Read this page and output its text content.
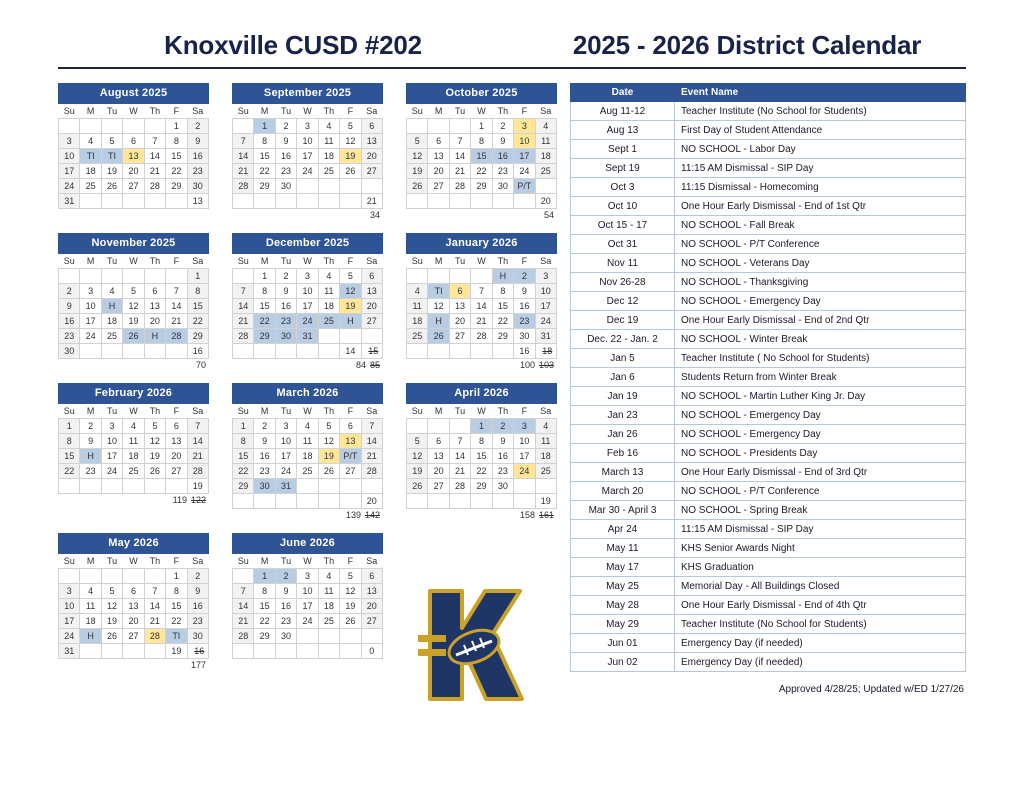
Knoxville CUSD #202	2025 - 2026 District Calendar
August 2025
Su	M	Tu	W	Th	F	Sa
					1	2
3	4	5	6	7	8	9
10	TI	TI	13	14	15	16
17	18	19	20	21	22	23
24	25	26	27	28	29	30
31						13
September 2025
Su	M	Tu	W	Th	F	Sa
	1	2	3	4	5	6
7	8	9	10	11	12	13
14	15	16	17	18	19	20
21	22	23	24	25	26	27
28	29	30				
						21
34
October 2025
Su	M	Tu	W	Th	F	Sa
			1	2	3	4
5	6	7	8	9	10	11
12	13	14	15	16	17	18
19	20	21	22	23	24	25
26	27	28	29	30	P/T	
						20
54
November 2025
Su	M	Tu	W	Th	F	Sa
						1
2	3	4	5	6	7	8
9	10	H	12	13	14	15
16	17	18	19	20	21	22
23	24	25	26	H	28	29
30						16
70
December 2025
Su	M	Tu	W	Th	F	Sa
	1	2	3	4	5	6
7	8	9	10	11	12	13
14	15	16	17	18	19	20
21	22	23	24	25	H	27
28	29	30	31			
					14	15
84 85
January 2026
Su	M	Tu	W	Th	F	Sa
				H	2	3
4	TI	6	7	8	9	10
11	12	13	14	15	16	17
18	H	20	21	22	23	24
25	26	27	28	29	30	31
					16	18
100 103
February 2026
Su	M	Tu	W	Th	F	Sa
1	2	3	4	5	6	7
8	9	10	11	12	13	14
15	H	17	18	19	20	21
22	23	24	25	26	27	28
						19
119 122
March 2026
Su	M	Tu	W	Th	F	Sa
1	2	3	4	5	6	7
8	9	10	11	12	13	14
15	16	17	18	19	P/T	21
22	23	24	25	26	27	28
29	30	31				
						20
139 142
April 2026
Su	M	Tu	W	Th	F	Sa
			1	2	3	4
5	6	7	8	9	10	11
12	13	14	15	16	17	18
19	20	21	22	23	24	25
26	27	28	29	30		
						19
158 161
May 2026
Su	M	Tu	W	Th	F	Sa
					1	2
3	4	5	6	7	8	9
10	11	12	13	14	15	16
17	18	19	20	21	22	23
24	H	26	27	28	TI	30
31					19	16
177
June 2026
Su	M	Tu	W	Th	F	Sa
	1	2	3	4	5	6
7	8	9	10	11	12	13
14	15	16	17	18	19	20
21	22	23	24	25	26	27
28	29	30				
						0
Date	Event Name
Aug 11-12	Teacher Institute (No School for Students)
Aug 13	First Day of Student Attendance
Sept 1	NO SCHOOL - Labor Day
Sept 19	11:15 AM Dismissal - SIP Day
Oct 3	11:15 Dismissal - Homecoming
Oct 10	One Hour Early Dismissal - End of 1st Qtr
Oct 15 - 17	NO SCHOOL - Fall Break
Oct 31	NO SCHOOL - P/T Conference
Nov 11	NO SCHOOL - Veterans Day
Nov 26-28	NO SCHOOL - Thanksgiving
Dec 12	NO SCHOOL - Emergency Day
Dec 19	One Hour Early Dismissal - End of 2nd Qtr
Dec. 22 - Jan. 2	NO SCHOOL - Winter Break
Jan 5	Teacher Institute ( No School for Students)
Jan 6	Students Return from Winter Break
Jan 19	NO SCHOOL - Martin Luther King Jr. Day
Jan 23	NO SCHOOL - Emergency Day
Jan 26	NO SCHOOL - Emergency Day
Feb 16	NO SCHOOL - Presidents Day
March 13	One Hour Early Dismissal - End of 3rd Qtr
March 20	NO SCHOOL - P/T Conference
Mar 30 - April 3	NO SCHOOL - Spring Break
Apr 24	11:15 AM Dismissal - SIP Day
May 11	KHS Senior Awards Night
May 17	KHS Graduation
May 25	Memorial Day - All Buildings Closed
May 28	One Hour Early Dismissal - End of 4th Qtr
May 29	Teacher Institute (No School for Students)
Jun 01	Emergency Day (if needed)
Jun 02	Emergency Day (if needed)
Approved 4/28/25; Updated w/ED 1/27/26
